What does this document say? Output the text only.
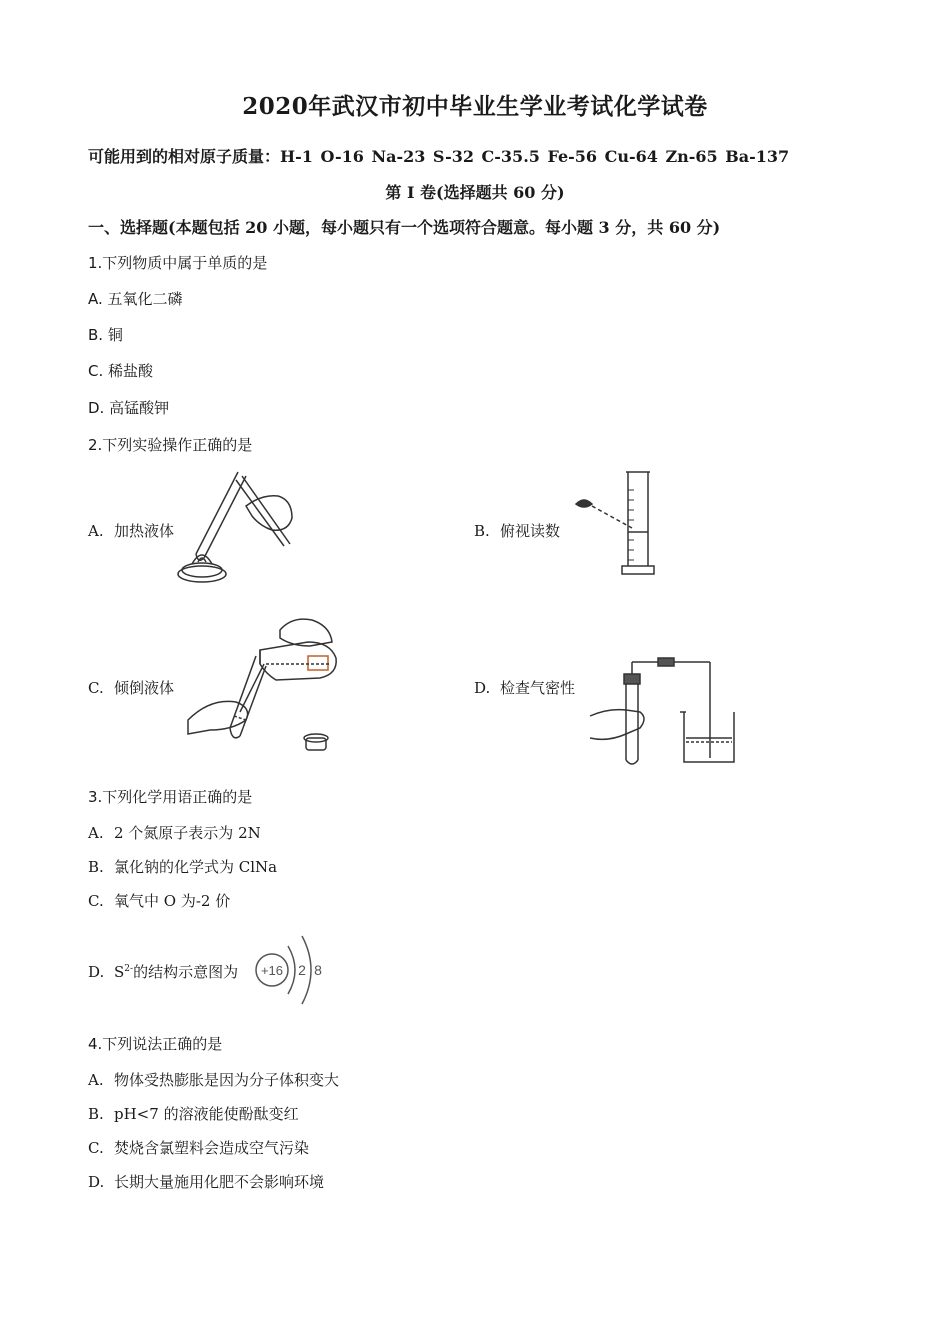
2020年武汉市初中毕业生学业考试化学试卷
可能用到的相对原子质量：H-1 O-16 Na-23 S-32 C-35.5 Fe-56 Cu-64 Zn-65 Ba-137
第 I 卷(选择题共 60 分)
一、选择题(本题包括 20 小题，每小题只有一个选项符合题意。每小题 3 分，共 60 分)
1.下列物质中属于单质的是
A. 五氧化二磷
B. 铜
C. 稀盐酸
D. 高锰酸钾
2.下列实验操作正确的是
A. 加热液体	B. 俯视读数
C. 倾倒液体	D. 检查气密性
3.下列化学用语正确的是
A. 2 个氮原子表示为 2N
B. 氯化钠的化学式为 ClNa
C. 氧气中 O 为-2 价
D. $S^{2-}$的结构示意图为 +16 2 8
4.下列说法正确的是
A. 物体受热膨胀是因为分子体积变大
B. pH<7 的溶液能使酚酞变红
C. 焚烧含氯塑料会造成空气污染
D. 长期大量施用化肥不会影响环境
